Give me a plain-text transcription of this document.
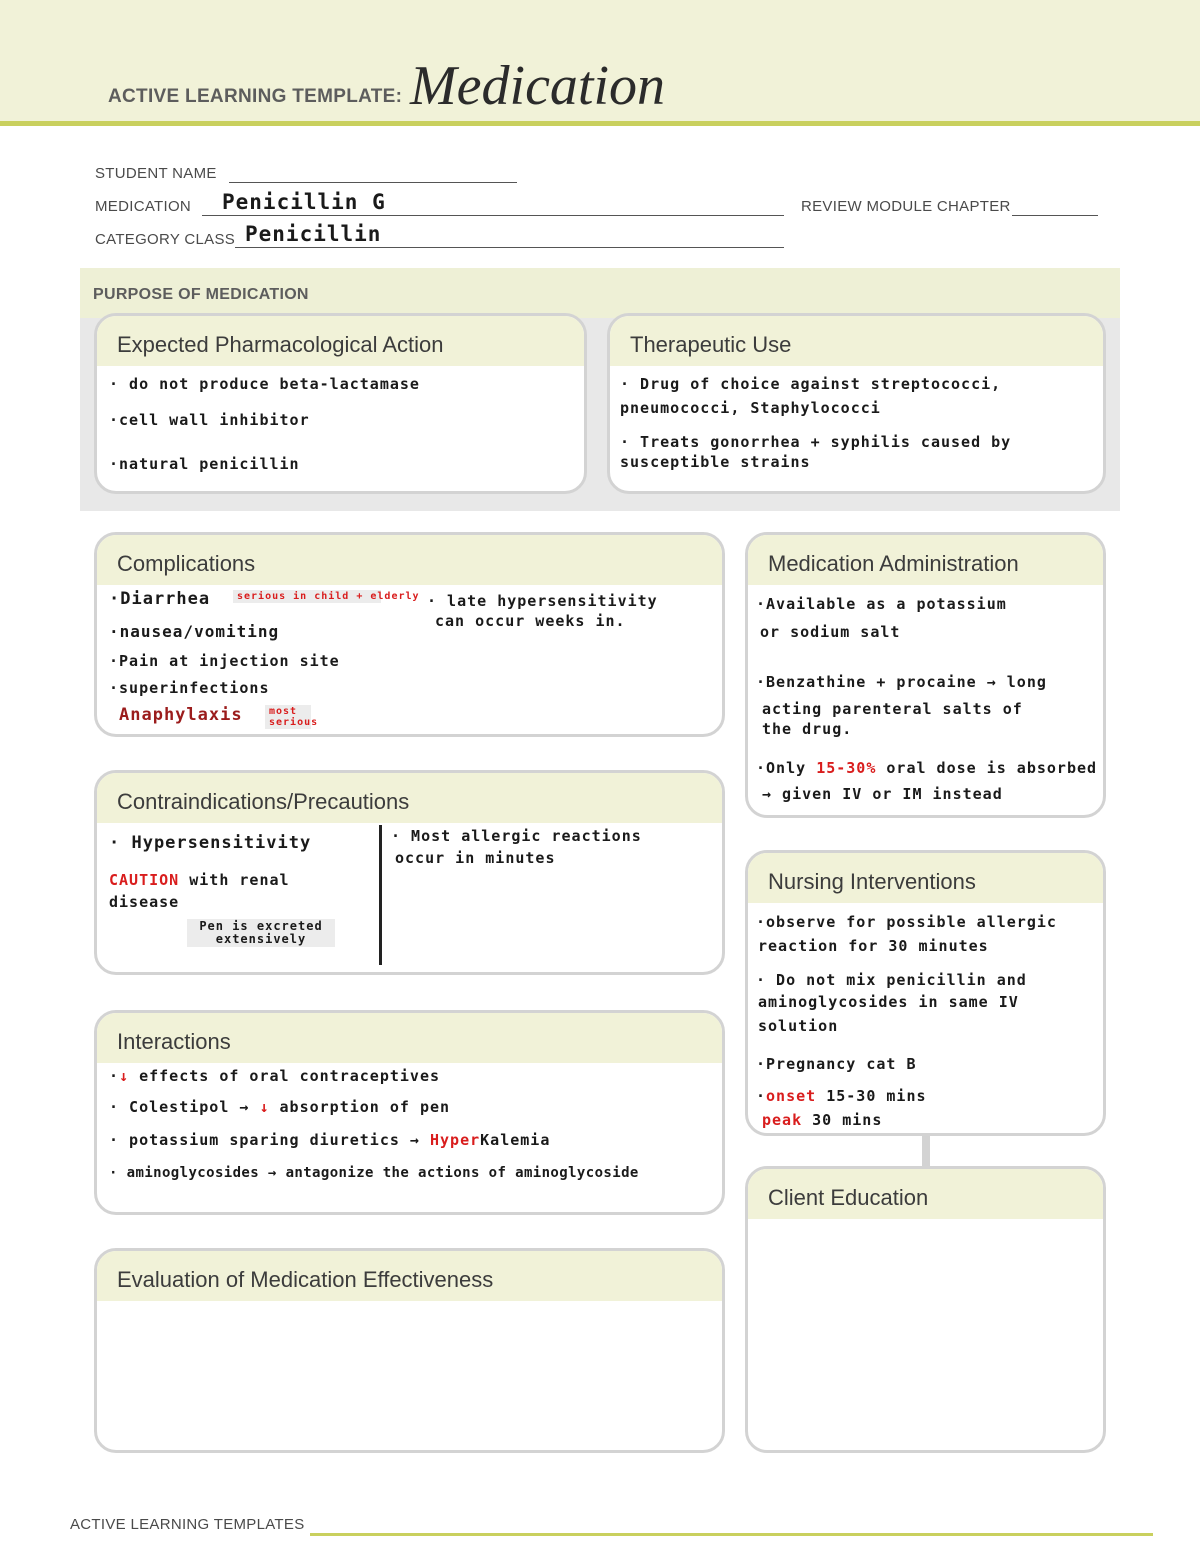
ACTIVE LEARNING TEMPLATE: Medication
STUDENT NAME
MEDICATION Penicillin G	REVIEW MODULE CHAPTER
CATEGORY CLASS Penicillin
PURPOSE OF MEDICATION
Expected Pharmacological Action
· do not produce beta-lactamase
·cell wall inhibitor
·natural penicillin
Therapeutic Use
· Drug of choice against streptococci,
pneumococci, Staphylococci
· Treats gonorrhea + syphilis caused by
susceptible strains
Complications
·Diarrhea	serious in child + elderly
·nausea/vomiting
·Pain at injection site
·superinfections
Anaphylaxis	most serious
· late hypersensitivity
can occur weeks in.
Contraindications/Precautions
· Hypersensitivity
CAUTION with renal
disease
Pen is excreted
extensively
· Most allergic reactions
occur in minutes
Interactions
·↓ effects of oral contraceptives
· Colestipol → ↓ absorption of pen
· potassium sparing diuretics → HyperKalemia
· aminoglycosides → antagonize the actions of aminoglycoside
Evaluation of Medication Effectiveness
Medication Administration
·Available as a potassium
or sodium salt
·Benzathine + procaine → long
acting parenteral salts of
the drug.
·Only 15-30% oral dose is absorbed
→ given IV or IM instead
Nursing Interventions
·observe for possible allergic
reaction for 30 minutes
· Do not mix penicillin and
aminoglycosides in same IV
solution
·Pregnancy cat B
·onset 15-30 mins
peak 30 mins
Client Education
ACTIVE LEARNING TEMPLATES
